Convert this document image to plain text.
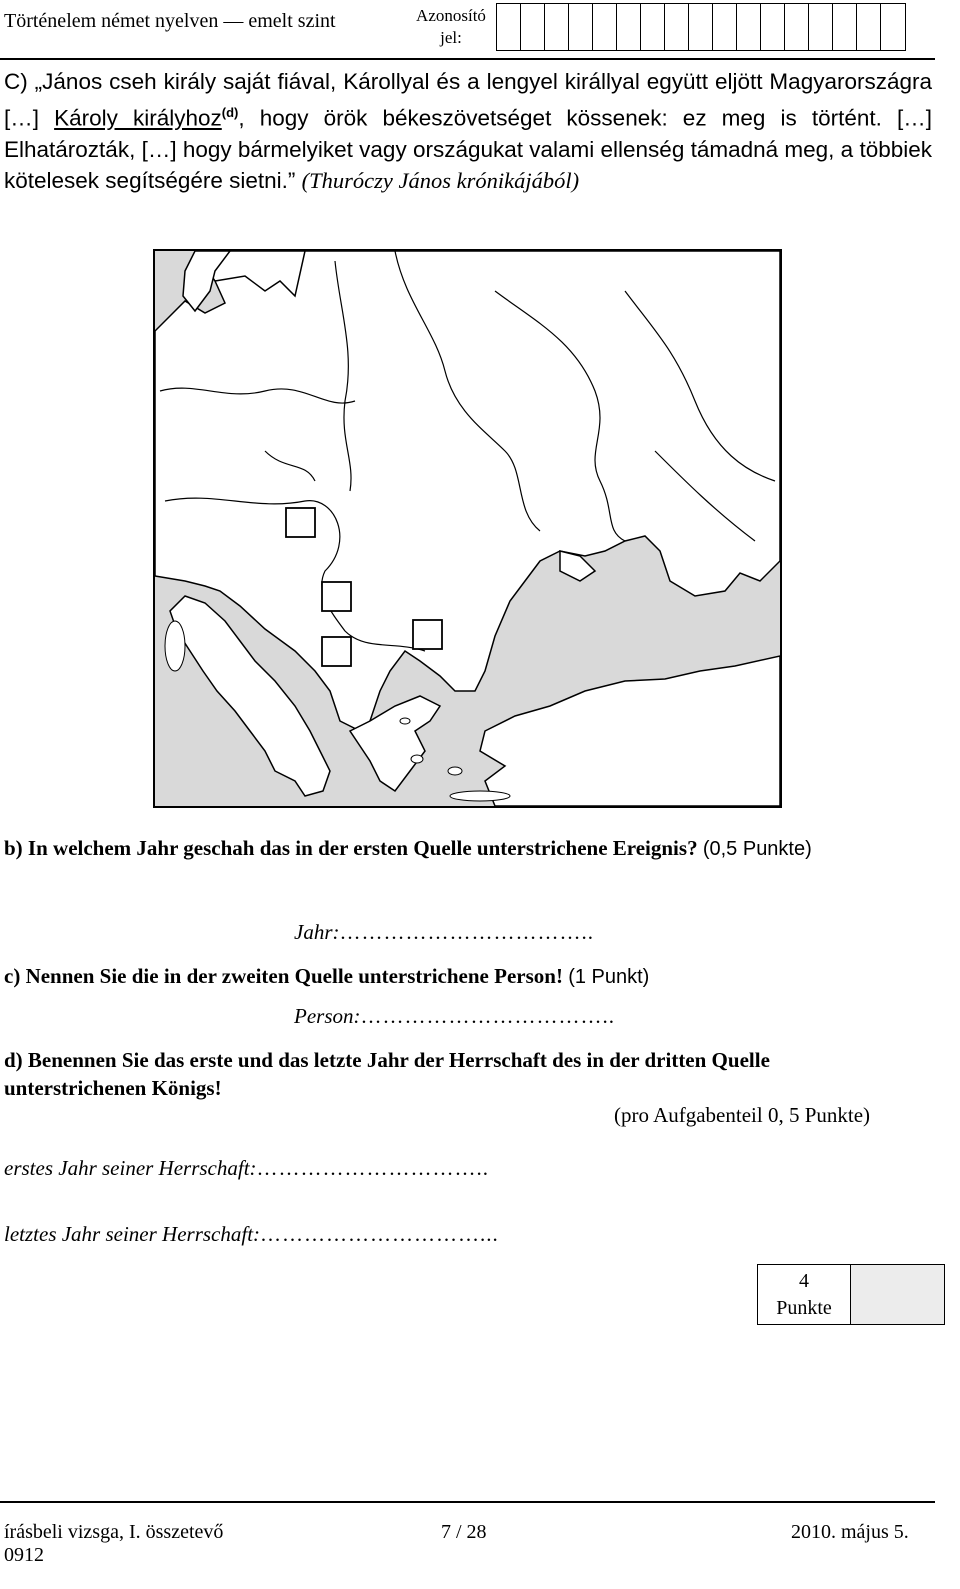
Történelem német nyelven — emelt szint	Azonosító
jel:
C) „János cseh király saját fiával, Károllyal és a lengyel királlyal együtt eljött Magyarországra […] Károly királyhoz$^{(d)}$, hogy örök békeszövetséget kössenek: ez meg is történt. […] Elhatározták, […] hogy bármelyiket vagy országukat valami ellenség támadná meg, a többiek kötelesek segítségére sietni.” (Thuróczy János krónikájából)
b) In welchem Jahr geschah das in der ersten Quelle unterstrichene Ereignis? (0,5 Punkte)
Jahr:……………………………..
c) Nennen Sie die in der zweiten Quelle unterstrichene Person! (1 Punkt)
Person:……………………………..
d) Benennen Sie das erste und das letzte Jahr der Herrschaft des in der dritten Quelle unterstrichenen Königs!
(pro Aufgabenteil 0, 5 Punkte)
erstes Jahr seiner Herrschaft:…………………………..
letztes Jahr seiner Herrschaft:…………………………...
4
Punkte
írásbeli vizsga, I. összetevő
0912
7 / 28	2010. május 5.
